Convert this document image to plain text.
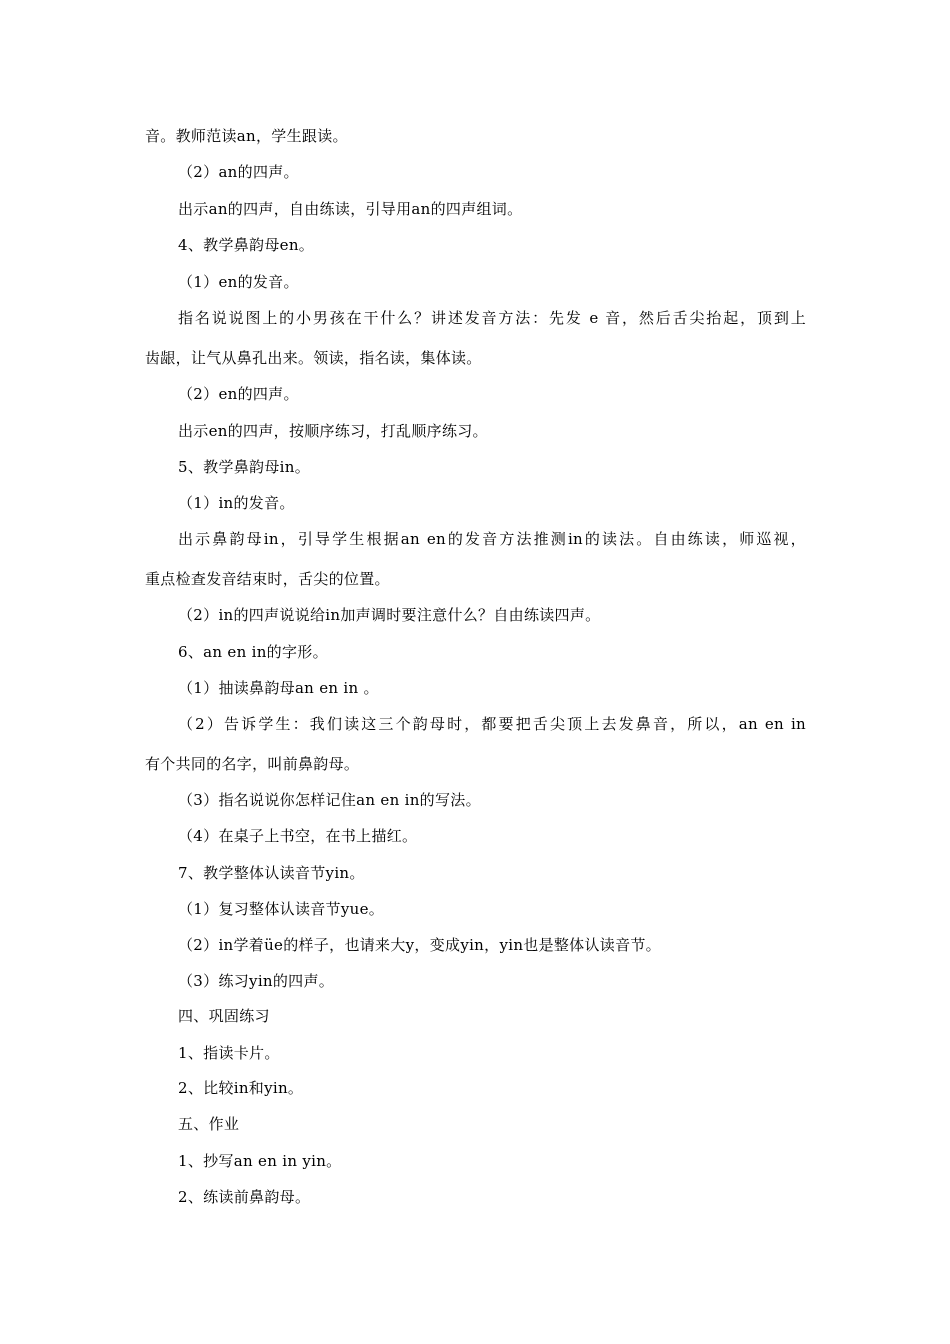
音。教师范读an，学生跟读。
（2）an的四声。
出示an的四声，自由练读，引导用an的四声组词。
4、教学鼻韵母en。
（1）en的发音。
指名说说图上的小男孩在干什么？讲述发音方法：先发 e 音，然后舌尖抬起，顶到上
齿龈，让气从鼻孔出来。领读，指名读，集体读。
（2）en的四声。
出示en的四声，按顺序练习，打乱顺序练习。
5、教学鼻韵母in。
（1）in的发音。
出示鼻韵母in，引导学生根据an en的发音方法推测in的读法。自由练读，师巡视，
重点检查发音结束时，舌尖的位置。
（2）in的四声说说给in加声调时要注意什么？自由练读四声。
6、an en in的字形。
（1）抽读鼻韵母an en in 。
（2）告诉学生：我们读这三个韵母时，都要把舌尖顶上去发鼻音，所以，an en in
有个共同的名字，叫前鼻韵母。
（3）指名说说你怎样记住an en in的写法。
（4）在桌子上书空，在书上描红。
7、教学整体认读音节yin。
（1）复习整体认读音节yue。
（2）in学着üe的样子，也请来大y，变成yin，yin也是整体认读音节。
（3）练习yin的四声。
四、巩固练习
1、指读卡片。
2、比较in和yin。
五、作业
1、抄写an en in yin。
2、练读前鼻韵母。
